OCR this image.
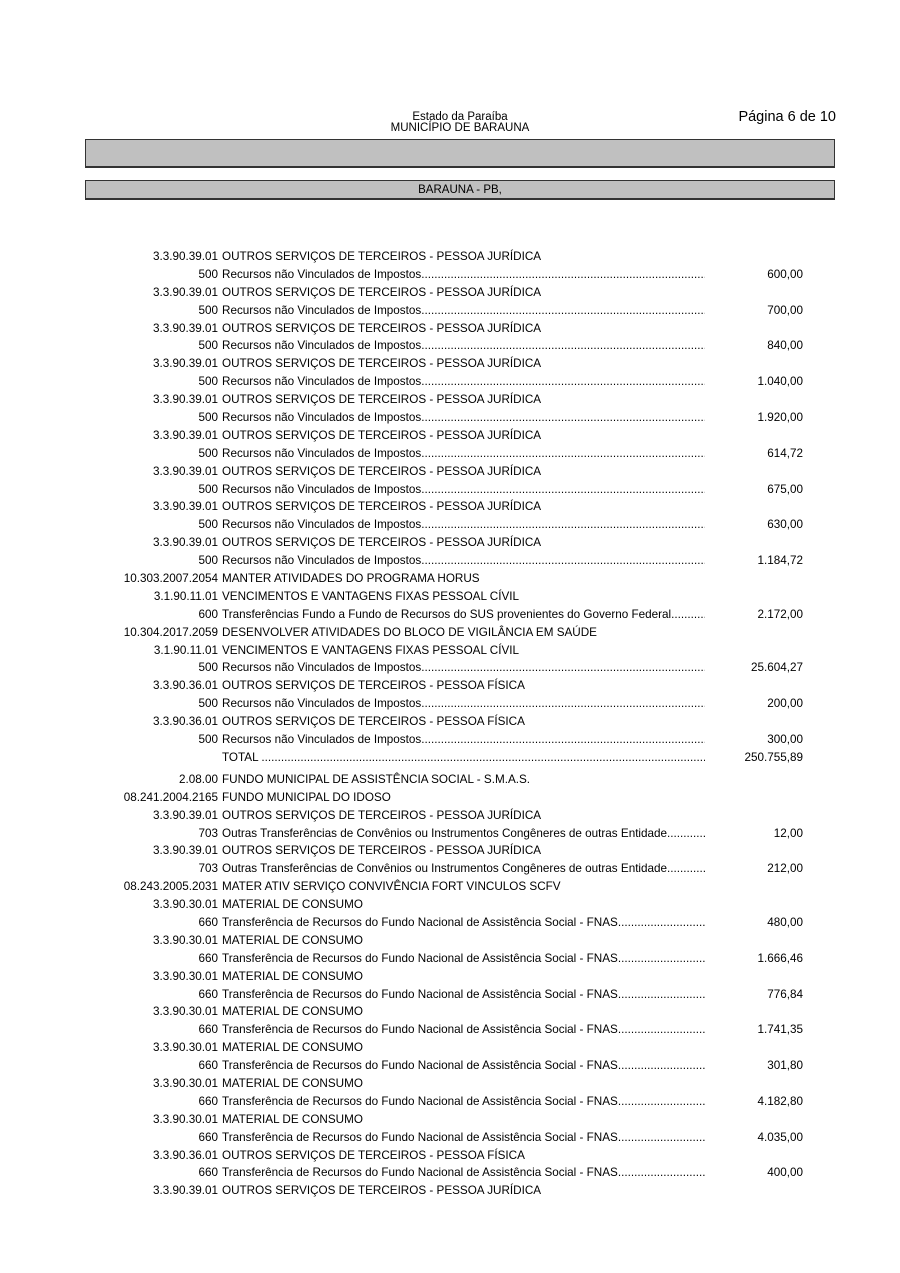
Estado da Paraíba
MUNICÍPIO DE BARAUNA
Página 6 de 10
BARAUNA - PB,
3.3.90.39.01 OUTROS SERVIÇOS DE TERCEIROS - PESSOA JURÍDICA
500 Recursos não Vinculados de Impostos .....	600,00
3.3.90.39.01 OUTROS SERVIÇOS DE TERCEIROS - PESSOA JURÍDICA
500 Recursos não Vinculados de Impostos .....	700,00
3.3.90.39.01 OUTROS SERVIÇOS DE TERCEIROS - PESSOA JURÍDICA
500 Recursos não Vinculados de Impostos .....	840,00
3.3.90.39.01 OUTROS SERVIÇOS DE TERCEIROS - PESSOA JURÍDICA
500 Recursos não Vinculados de Impostos .....	1.040,00
3.3.90.39.01 OUTROS SERVIÇOS DE TERCEIROS - PESSOA JURÍDICA
500 Recursos não Vinculados de Impostos .....	1.920,00
3.3.90.39.01 OUTROS SERVIÇOS DE TERCEIROS - PESSOA JURÍDICA
500 Recursos não Vinculados de Impostos .....	614,72
3.3.90.39.01 OUTROS SERVIÇOS DE TERCEIROS - PESSOA JURÍDICA
500 Recursos não Vinculados de Impostos .....	675,00
3.3.90.39.01 OUTROS SERVIÇOS DE TERCEIROS - PESSOA JURÍDICA
500 Recursos não Vinculados de Impostos .....	630,00
3.3.90.39.01 OUTROS SERVIÇOS DE TERCEIROS - PESSOA JURÍDICA
500 Recursos não Vinculados de Impostos .....	1.184,72
10.303.2007.2054 MANTER ATIVIDADES DO PROGRAMA HORUS
3.1.90.11.01 VENCIMENTOS E VANTAGENS FIXAS PESSOAL CÍVIL
600 Transferências Fundo a Fundo de Recursos do SUS provenientes do Governo Federal .....	2.172,00
10.304.2017.2059 DESENVOLVER ATIVIDADES DO BLOCO DE VIGILÂNCIA EM SAÚDE
3.1.90.11.01 VENCIMENTOS E VANTAGENS FIXAS PESSOAL CÍVIL
500 Recursos não Vinculados de Impostos .....	25.604,27
3.3.90.36.01 OUTROS SERVIÇOS DE TERCEIROS - PESSOA FÍSICA
500 Recursos não Vinculados de Impostos .....	200,00
3.3.90.36.01 OUTROS SERVIÇOS DE TERCEIROS - PESSOA FÍSICA
500 Recursos não Vinculados de Impostos .....	300,00
TOTAL .....	250.755,89
2.08.00 FUNDO MUNICIPAL DE ASSISTÊNCIA SOCIAL - S.M.A.S.
08.241.2004.2165 FUNDO MUNICIPAL DO IDOSO
3.3.90.39.01 OUTROS SERVIÇOS DE TERCEIROS - PESSOA JURÍDICA
703 Outras Transferências de Convênios ou Instrumentos Congêneres de outras Entidade .....	12,00
3.3.90.39.01 OUTROS SERVIÇOS DE TERCEIROS - PESSOA JURÍDICA
703 Outras Transferências de Convênios ou Instrumentos Congêneres de outras Entidade .....	212,00
08.243.2005.2031 MATER ATIV SERVIÇO CONVIVÊNCIA FORT VINCULOS SCFV
3.3.90.30.01 MATERIAL DE CONSUMO
660 Transferência de Recursos do Fundo Nacional de Assistência Social - FNAS .....	480,00
3.3.90.30.01 MATERIAL DE CONSUMO
660 Transferência de Recursos do Fundo Nacional de Assistência Social - FNAS .....	1.666,46
3.3.90.30.01 MATERIAL DE CONSUMO
660 Transferência de Recursos do Fundo Nacional de Assistência Social - FNAS .....	776,84
3.3.90.30.01 MATERIAL DE CONSUMO
660 Transferência de Recursos do Fundo Nacional de Assistência Social - FNAS .....	1.741,35
3.3.90.30.01 MATERIAL DE CONSUMO
660 Transferência de Recursos do Fundo Nacional de Assistência Social - FNAS .....	301,80
3.3.90.30.01 MATERIAL DE CONSUMO
660 Transferência de Recursos do Fundo Nacional de Assistência Social - FNAS .....	4.182,80
3.3.90.30.01 MATERIAL DE CONSUMO
660 Transferência de Recursos do Fundo Nacional de Assistência Social - FNAS .....	4.035,00
3.3.90.36.01 OUTROS SERVIÇOS DE TERCEIROS - PESSOA FÍSICA
660 Transferência de Recursos do Fundo Nacional de Assistência Social - FNAS .....	400,00
3.3.90.39.01 OUTROS SERVIÇOS DE TERCEIROS - PESSOA JURÍDICA
